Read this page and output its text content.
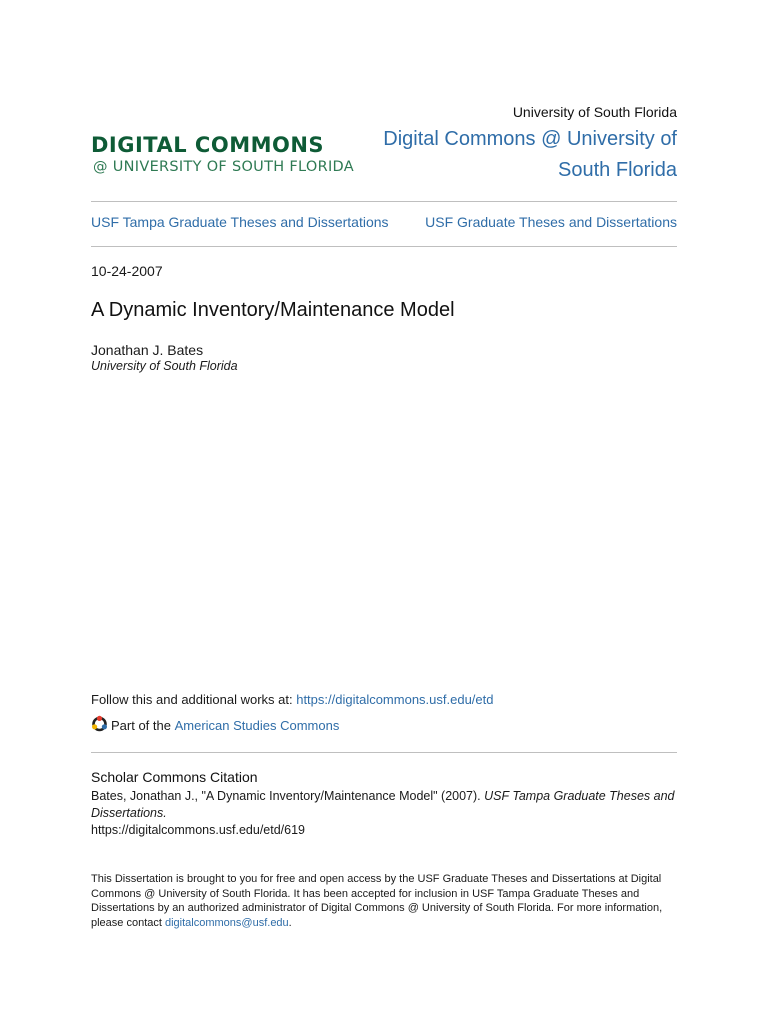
University of South Florida
DIGITAL COMMONS
@ UNIVERSITY OF SOUTH FLORIDA
Digital Commons @ University of
South Florida
USF Tampa Graduate Theses and Dissertations	USF Graduate Theses and Dissertations
10-24-2007
A Dynamic Inventory/Maintenance Model
Jonathan J. Bates
University of South Florida
Follow this and additional works at: https://digitalcommons.usf.edu/etd
Part of the
American Studies Commons
Scholar Commons Citation
Bates, Jonathan J., "A Dynamic Inventory/Maintenance Model" (2007). USF Tampa Graduate Theses and Dissertations.
https://digitalcommons.usf.edu/etd/619
This Dissertation is brought to you for free and open access by the USF Graduate Theses and Dissertations at Digital Commons @ University of South Florida. It has been accepted for inclusion in USF Tampa Graduate Theses and Dissertations by an authorized administrator of Digital Commons @ University of South Florida. For more information, please contact digitalcommons@usf.edu.
